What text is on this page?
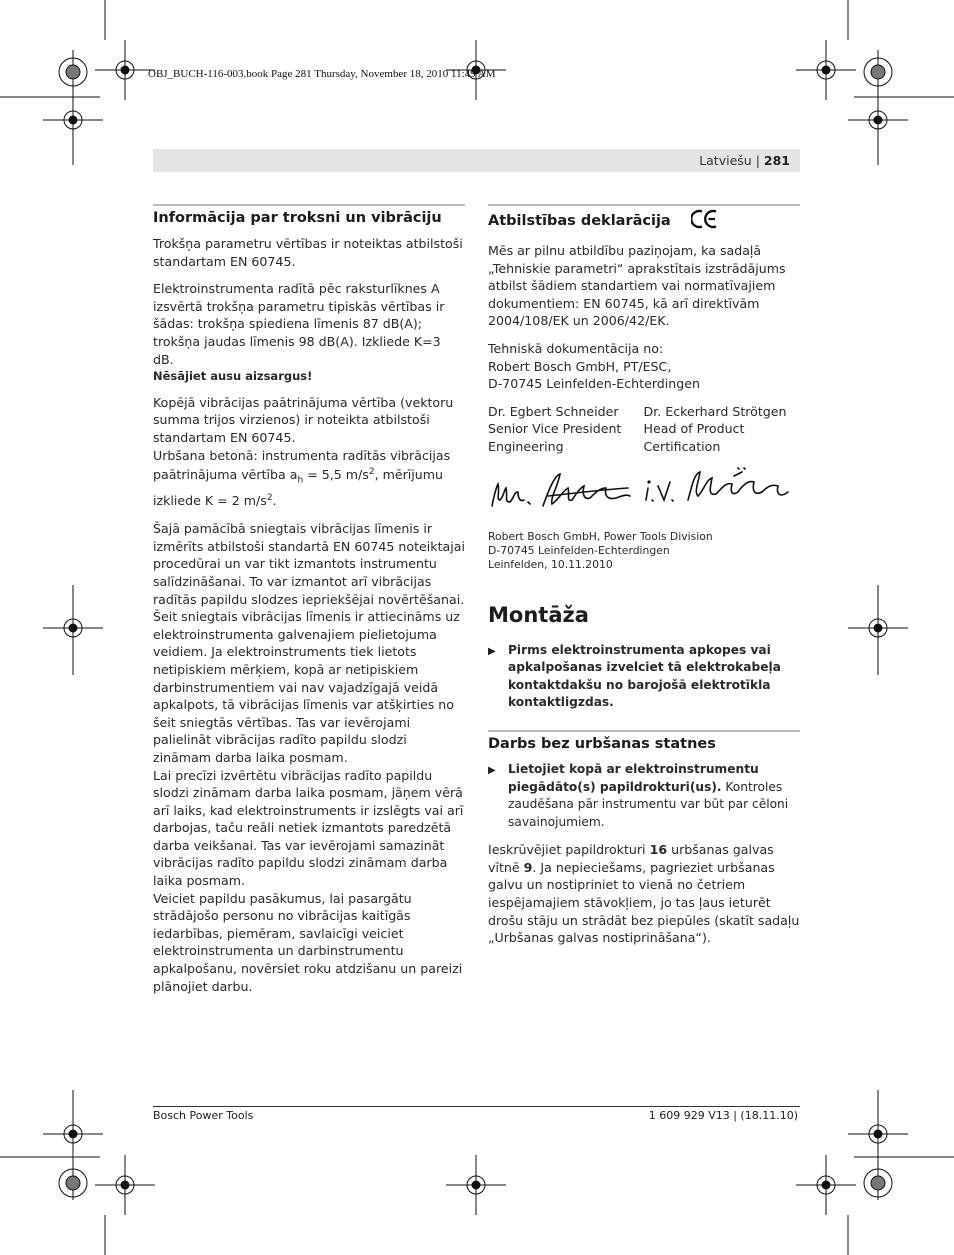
OBJ_BUCH-116-003.book Page 281 Thursday, November 18, 2010 11:49 AM
Latviešu | 281
Informācija par troksni un vibrāciju

Trokšņa parametru vērtības ir noteiktas atbilstoši standartam EN 60745.

Elektroinstrumenta radītā pēc raksturlīknes A izsvērtā trokšņa parametru tipiskās vērtības ir šādas: trokšņa spiediena līmenis 87 dB(A); trokšņa jaudas līmenis 98 dB(A). Izkliede K=3 dB.

Nēsājiet ausu aizsargus!

Kopējā vibrācijas paātrinājuma vērtība (vektoru summa trijos virzienos) ir noteikta atbilstoši standartam EN 60745.

Urbšana betonā: instrumenta radītās vibrācijas paātrinājuma vērtība $a_h = 5,5$ $m/s^2$, mērījumu izkliede K = 2 $m/s^2$.

Šajā pamācībā sniegtais vibrācijas līmenis ir izmērīts atbilstoši standartā EN 60745 noteiktajai procedūrai un var tikt izmantots instrumentu salīdzināšanai. To var izmantot arī vibrācijas radītās papildu slodzes iepriekšējai novērtēšanai.

Šeit sniegtais vibrācijas līmenis ir attiecināms uz elektroinstrumenta galvenajiem pielietojuma veidiem. Ja elektroinstruments tiek lietots netipiskiem mērķiem, kopā ar netipiskiem darbinstrumentiem vai nav vajadzīgajā veidā apkalpots, tā vibrācijas līmenis var atšķirties no šeit sniegtās vērtības. Tas var ievērojami palielināt vibrācijas radīto papildu slodzi zināmam darba laika posmam.

Lai precīzi izvērtētu vibrācijas radīto papildu slodzi zināmam darba laika posmam, jāņem vērā arī laiks, kad elektroinstruments ir izslēgts vai arī darbojas, taču reāli netiek izmantots paredzētā darba veikšanai. Tas var ievērojami samazināt vibrācijas radīto papildu slodzi zināmam darba laika posmam.

Veiciet papildu pasākumus, lai pasargātu strādājošo personu no vibrācijas kaitīgās iedarbības, piemēram, savlaicīgi veiciet elektroinstrumenta un darbinstrumentu apkalpošanu, novērsiet roku atdzišanu un pareizi plānojiet darbu.

Atbilstības deklarācija

Mēs ar pilnu atbildību paziņojam, ka sadaļā „Tehniskie parametri“ aprakstītais izstrādājums atbilst šādiem standartiem vai normatīvajiem dokumentiem: EN 60745, kā arī direktīvām 2004/108/EK un 2006/42/EK.

Tehniskā dokumentācija no:
Robert Bosch GmbH, PT/ESC,
D-70745 Leinfelden-Echterdingen

Dr. Egbert Schneider
Senior Vice President
Engineering
Dr. Eckerhard Strötgen
Head of Product
Certification
Robert Bosch GmbH, Power Tools Division
D-70745 Leinfelden-Echterdingen
Leinfelden, 10.11.2010
Montāža
▶	Pirms elektroinstrumenta apkopes vai apkalpošanas izvelciet tā elektrokabeļa kontaktdakšu no barojošā elektrotīkla kontaktligzdas.
Darbs bez urbšanas statnes
▶	Lietojiet kopā ar elektroinstrumentu piegādāto(s) papildrokturi(us). Kontroles zaudēšana pār instrumentu var būt par cēloni savainojumiem.

Ieskrūvējiet papildrokturi 16 urbšanas galvas vītnē 9. Ja nepieciešams, pagrieziet urbšanas galvu un nostipriniet to vienā no četriem iespējamajiem stāvokļiem, jo tas ļaus ieturēt drošu stāju un strādāt bez piepūles (skatīt sadaļu „Urbšanas galvas nostiprināšana“).

Bosch Power Tools	1 609 929 V13 | (18.11.10)
